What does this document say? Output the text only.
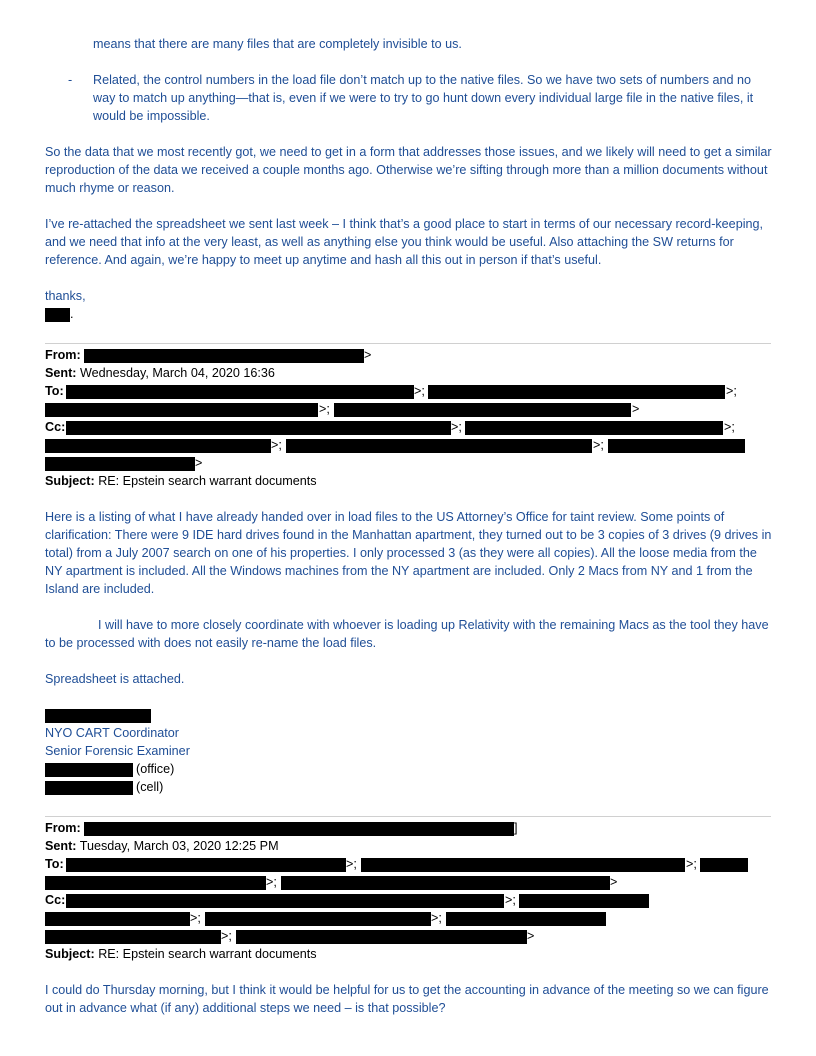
means that there are many files that are completely invisible to us.
- Related, the control numbers in the load file don’t match up to the native files. So we have two sets of numbers and no way to match up anything—that is, even if we were to try to go hunt down every individual large file in the native files, it would be impossible.
So the data that we most recently got, we need to get in a form that addresses those issues, and we likely will need to get a similar reproduction of the data we received a couple months ago. Otherwise we’re sifting through more than a million documents without much rhyme or reason.
I’ve re-attached the spreadsheet we sent last week – I think that’s a good place to start in terms of our necessary record-keeping, and we need that info at the very least, as well as anything else you think would be useful. Also attaching the SW returns for reference. And again, we’re happy to meet up anytime and hash all this out in person if that’s useful.
thanks,
.
From:	>
Sent: Wednesday, March 04, 2020 16:36
To:	>;	>;
>;	>
Cc:	>;	>;
>;	>;
>
Subject: RE: Epstein search warrant documents
Here is a listing of what I have already handed over in load files to the US Attorney’s Office for taint review. Some points of clarification: There were 9 IDE hard drives found in the Manhattan apartment, they turned out to be 3 copies of 3 drives (9 drives in total) from a July 2007 search on one of his properties. I only processed 3 (as they were all copies). All the loose media from the NY apartment is included. All the Windows machines from the NY apartment are included. Only 2 Macs from NY and 1 from the Island are included.
I will have to more closely coordinate with whoever is loading up Relativity with the remaining Macs as the tool they have to be processed with does not easily re-name the load files.
Spreadsheet is attached.
NYO CART Coordinator
Senior Forensic Examiner
(office)
(cell)
From:	]
Sent: Tuesday, March 03, 2020 12:25 PM
To:	>;	>;
>;	>
Cc:	>;
>;	>;
>;	>
Subject: RE: Epstein search warrant documents
I could do Thursday morning, but I think it would be helpful for us to get the accounting in advance of the meeting so we can figure out in advance what (if any) additional steps we need – is that possible?
